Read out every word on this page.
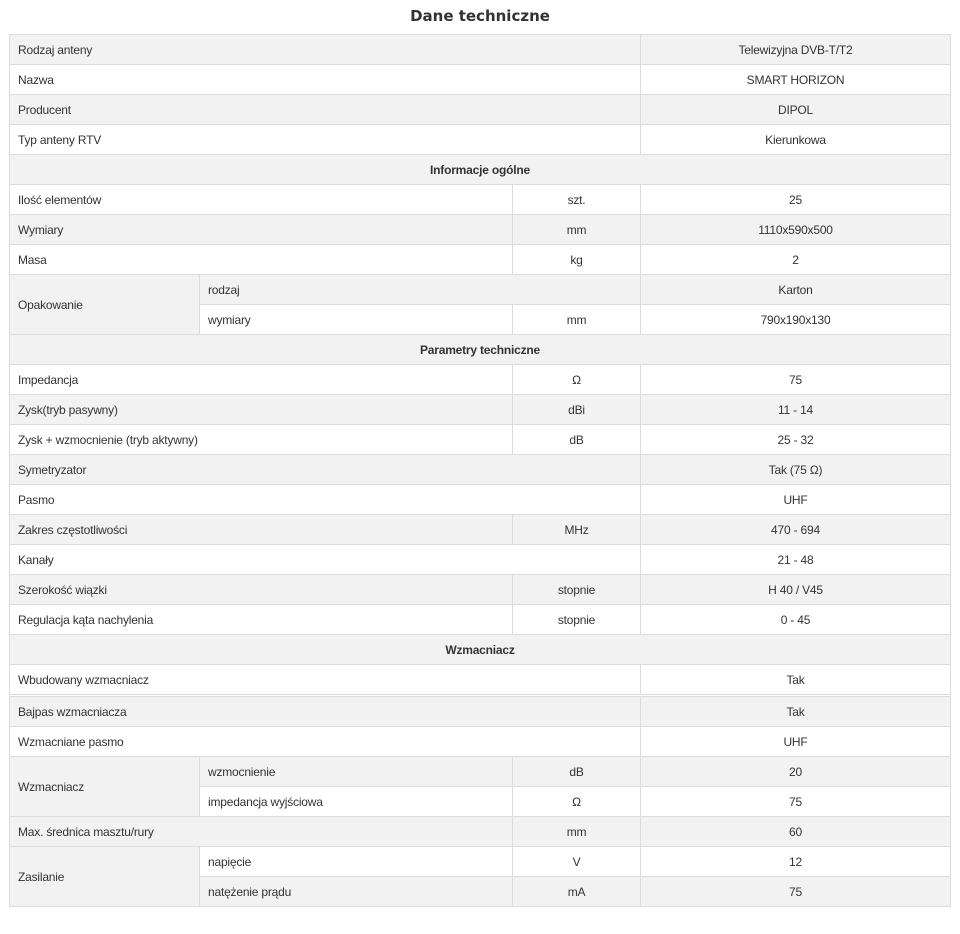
Dane techniczne
Rodzaj anteny			Telewizyjna DVB-T/T2
Nazwa			SMART HORIZON
Producent			DIPOL
Typ anteny RTV			Kierunkowa
Informacje ogólne			
Ilość elementów		szt.	25
Wymiary		mm	1110x590x500
Masa		kg	2
Opakowanie	rodzaj		Karton
	wymiary	mm	790x190x130
Parametry techniczne			
Impedancja		Ω	75
Zysk(tryb pasywny)		dBi	11 - 14
Zysk + wzmocnienie (tryb aktywny)		dB	25 - 32
Symetryzator			Tak (75 Ω)
Pasmo			UHF
Zakres częstotliwości		MHz	470 - 694
Kanały			21 - 48
Szerokość wiązki		stopnie	H 40 / V45
Regulacja kąta nachylenia		stopnie	0 - 45
Wzmacniacz			
Wbudowany wzmacniacz			Tak

Bajpas wzmacniacza			Tak
Wzmacniane pasmo			UHF
Wzmacniacz	wzmocnienie	dB	20
	impedancja wyjściowa	Ω	75
Max. średnica masztu/rury		mm	60
Zasilanie	napięcie	V	12
	natężenie prądu	mA	75
